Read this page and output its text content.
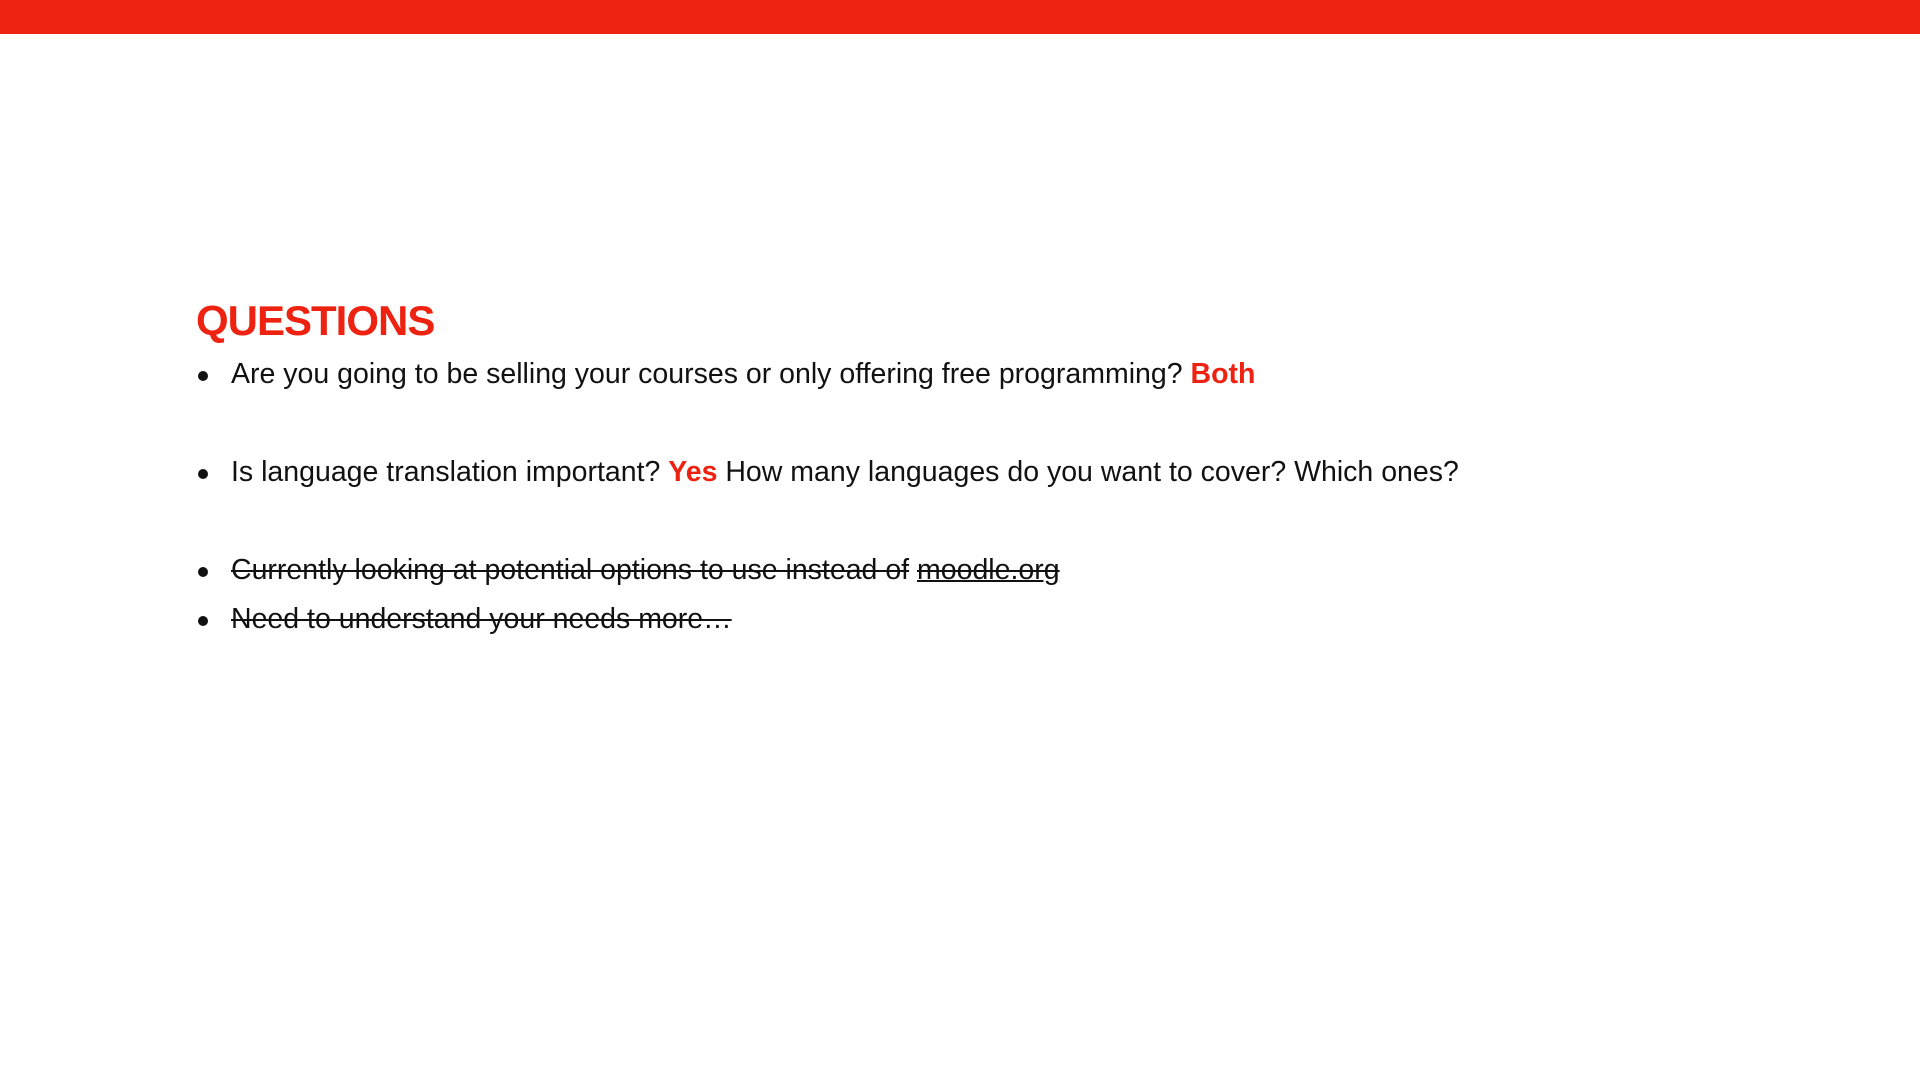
QUESTIONS
Are you going to be selling your courses or only offering free programming? Both
Is language translation important? Yes How many languages do you want to cover? Which ones?
Currently looking at potential options to use instead of moodle.org
Need to understand your needs more…
